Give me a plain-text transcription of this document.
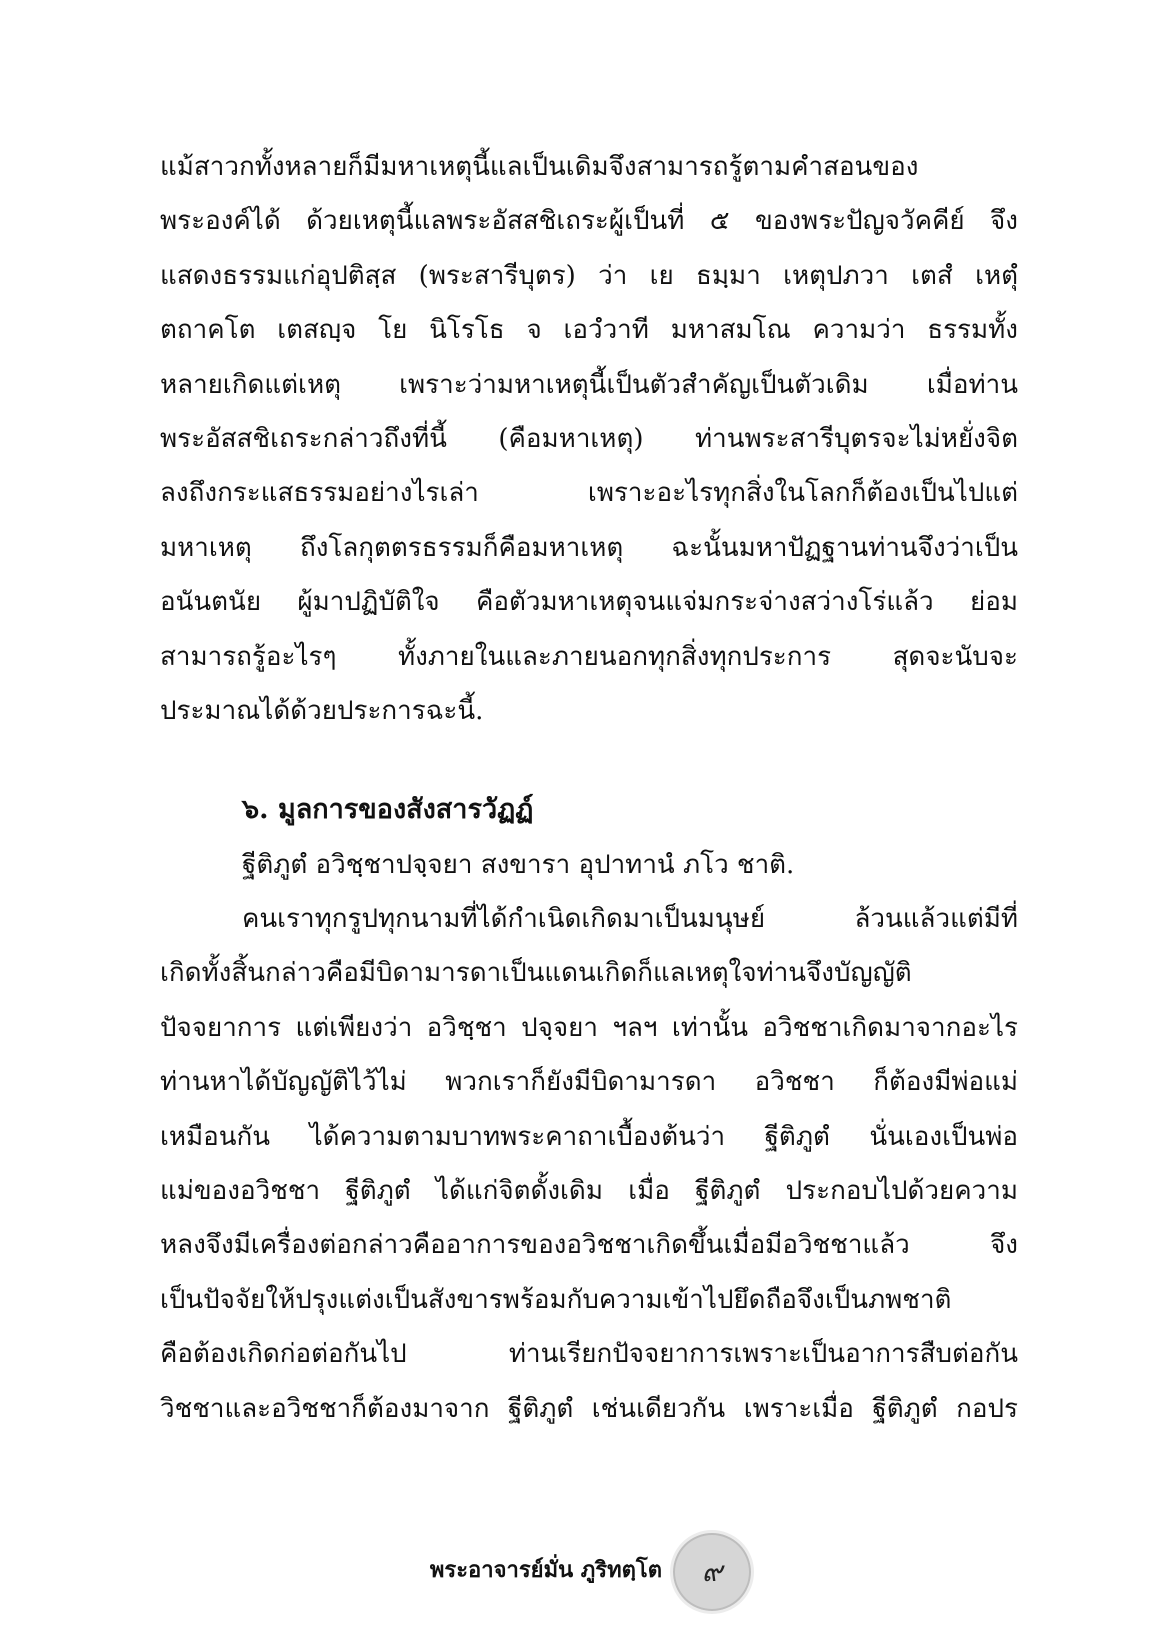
แม้สาวกทั้งหลายก็มีมหาเหตุนี้แลเป็นเดิมจึงสามารถรู้ตามคำสอนของ
พระองค์ได้ ด้วยเหตุนี้แลพระอัสสชิเถระผู้เป็นที่ ๕ ของพระปัญจวัคคีย์ จึง
แสดงธรรมแก่อุปติสฺส (พระสารีบุตร) ว่า เย ธมฺมา เหตุปภวา เตสํ เหตุํ
ตถาคโต เตสญฺจ โย นิโรโธ จ เอวํวาที มหาสมโณ ความว่า ธรรมทั้ง
หลายเกิดแต่เหตุ เพราะว่ามหาเหตุนี้เป็นตัวสำคัญเป็นตัวเดิม เมื่อท่าน
พระอัสสชิเถระกล่าวถึงที่นี้ (คือมหาเหตุ) ท่านพระสารีบุตรจะไม่หยั่งจิต
ลงถึงกระแสธรรมอย่างไรเล่า เพราะอะไรทุกสิ่งในโลกก็ต้องเป็นไปแต่
มหาเหตุ ถึงโลกุตตรธรรมก็คือมหาเหตุ ฉะนั้นมหาปัฏฐานท่านจึงว่าเป็น
อนันตนัย ผู้มาปฏิบัติใจ คือตัวมหาเหตุจนแจ่มกระจ่างสว่างโร่แล้ว ย่อม
สามารถรู้อะไรๆ ทั้งภายในและภายนอกทุกสิ่งทุกประการ สุดจะนับจะ
ประมาณได้ด้วยประการฉะนี้.
๖. มูลการของสังสารวัฏฏ์
ฐีติภูตํ อวิชฺชาปจฺจยา สงขารา อุปาทานํ ภโว ชาติ.
คนเราทุกรูปทุกนามที่ได้กำเนิดเกิดมาเป็นมนุษย์ ล้วนแล้วแต่มีที่
เกิดทั้งสิ้นกล่าวคือมีบิดามารดาเป็นแดนเกิดก็แลเหตุใจท่านจึงบัญญัติ
ปัจจยาการ แต่เพียงว่า อวิชฺชา ปจฺจยา ฯลฯ เท่านั้น อวิชชาเกิดมาจากอะไร
ท่านหาได้บัญญัติไว้ไม่ พวกเราก็ยังมีบิดามารดา อวิชชา ก็ต้องมีพ่อแม่
เหมือนกัน ได้ความตามบาทพระคาถาเบื้องต้นว่า ฐีติภูตํ นั่นเองเป็นพ่อ
แม่ของอวิชชา ฐีติภูตํ ได้แก่จิตดั้งเดิม เมื่อ ฐีติภูตํ ประกอบไปด้วยความ
หลงจึงมีเครื่องต่อกล่าวคืออาการของอวิชชาเกิดขึ้นเมื่อมีอวิชชาแล้ว จึง
เป็นปัจจัยให้ปรุงแต่งเป็นสังขารพร้อมกับความเข้าไปยึดถือจึงเป็นภพชาติ
คือต้องเกิดก่อต่อกันไป ท่านเรียกปัจจยาการเพราะเป็นอาการสืบต่อกัน
วิชชาและอวิชชาก็ต้องมาจาก ฐีติภูตํ เช่นเดียวกัน เพราะเมื่อ ฐีติภูตํ กอปร
พระอาจารย์มั่น ภูริทตฺโต ๙
